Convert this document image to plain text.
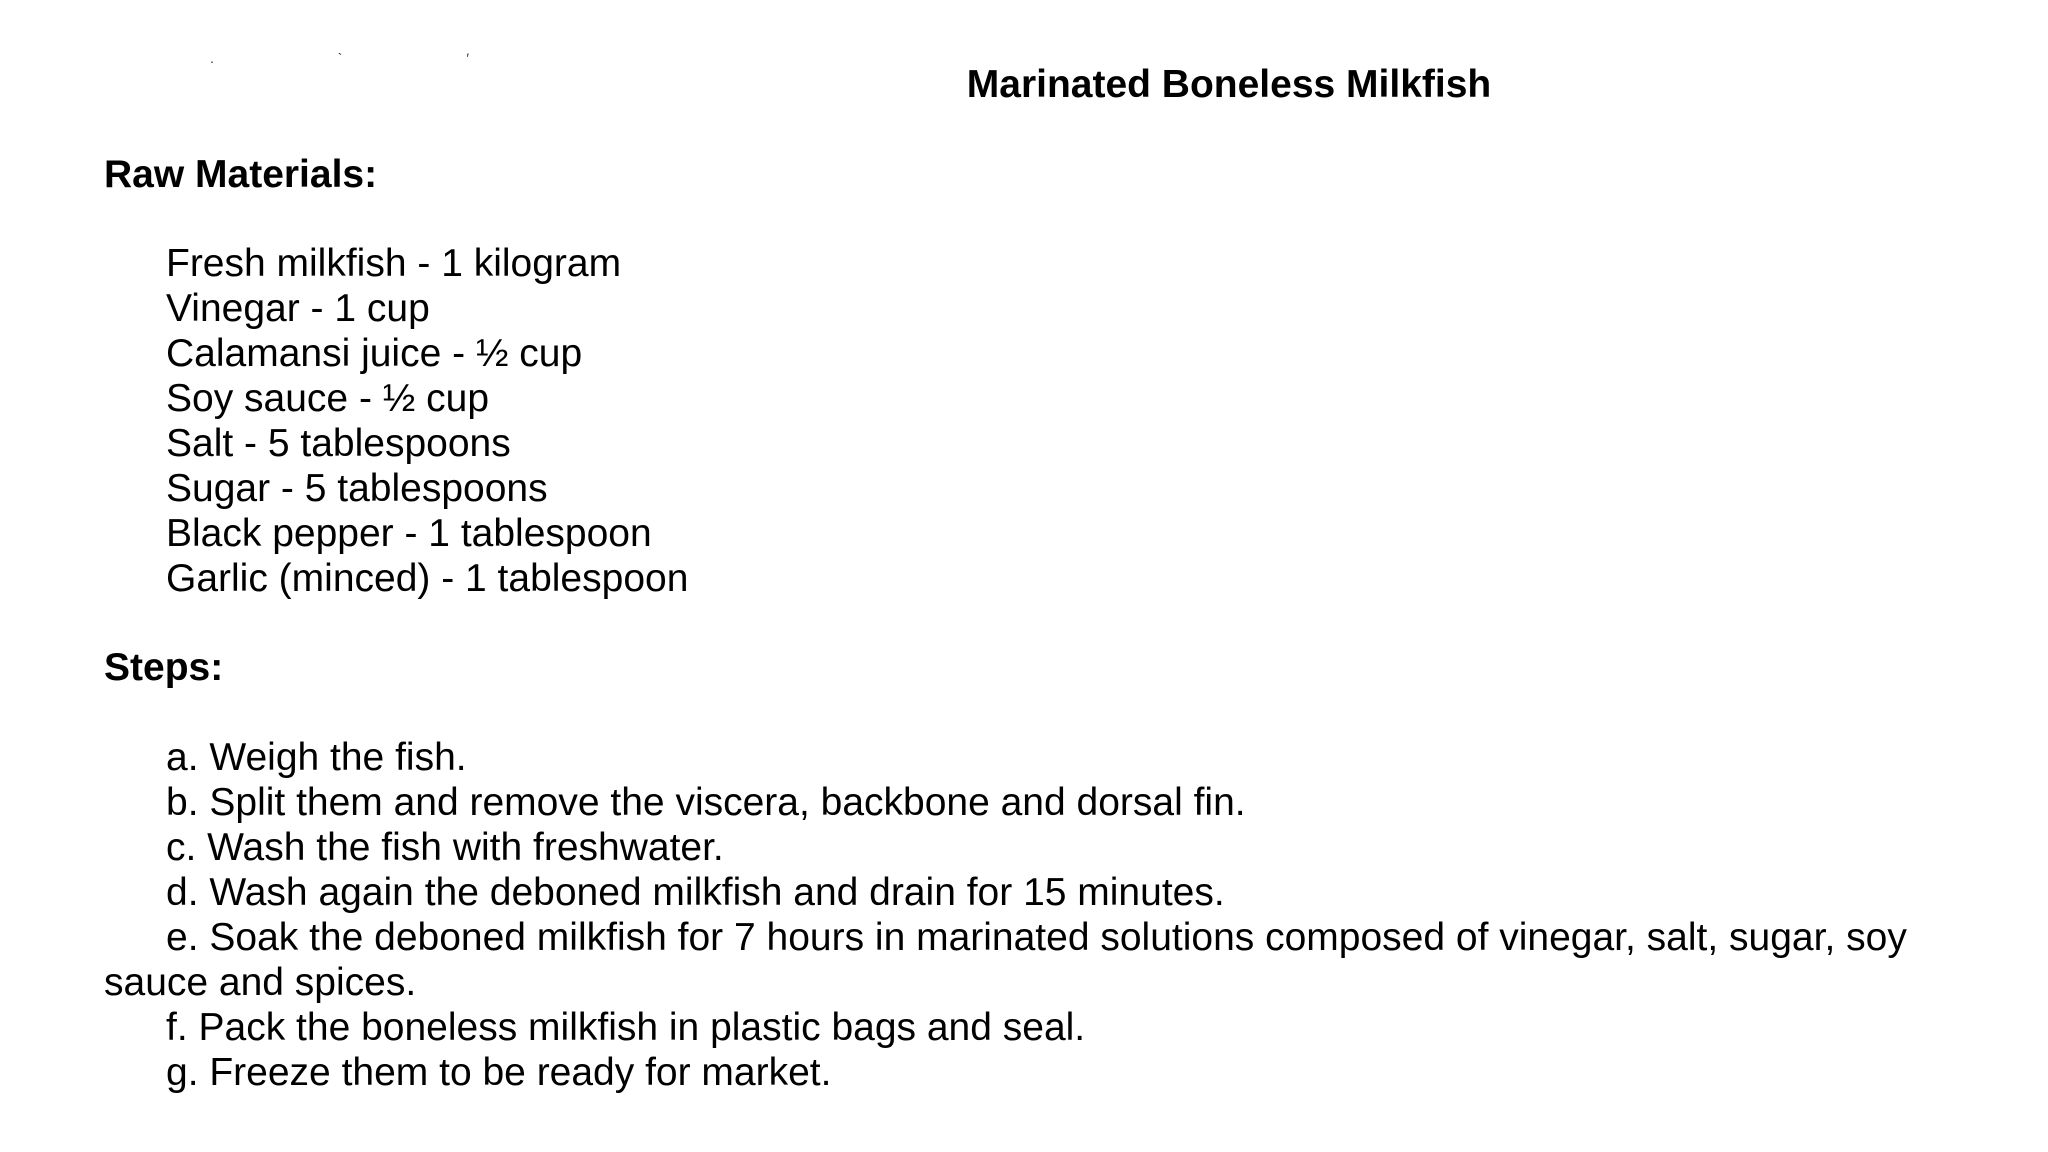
. ` ′
Marinated Boneless Milkfish
Raw Materials:
Fresh milkfish - 1 kilogram
Vinegar - 1 cup
Calamansi juice - ½ cup
Soy sauce - ½ cup
Salt - 5 tablespoons
Sugar - 5 tablespoons
Black pepper - 1 tablespoon
Garlic (minced) - 1 tablespoon
Steps:
a. Weigh the fish.
b. Split them and remove the viscera, backbone and dorsal fin.
c. Wash the fish with freshwater.
d. Wash again the deboned milkfish and drain for 15 minutes.
e. Soak the deboned milkfish for 7 hours in marinated solutions composed of vinegar, salt, sugar, soy sauce and spices.
f. Pack the boneless milkfish in plastic bags and seal.
g. Freeze them to be ready for market.
